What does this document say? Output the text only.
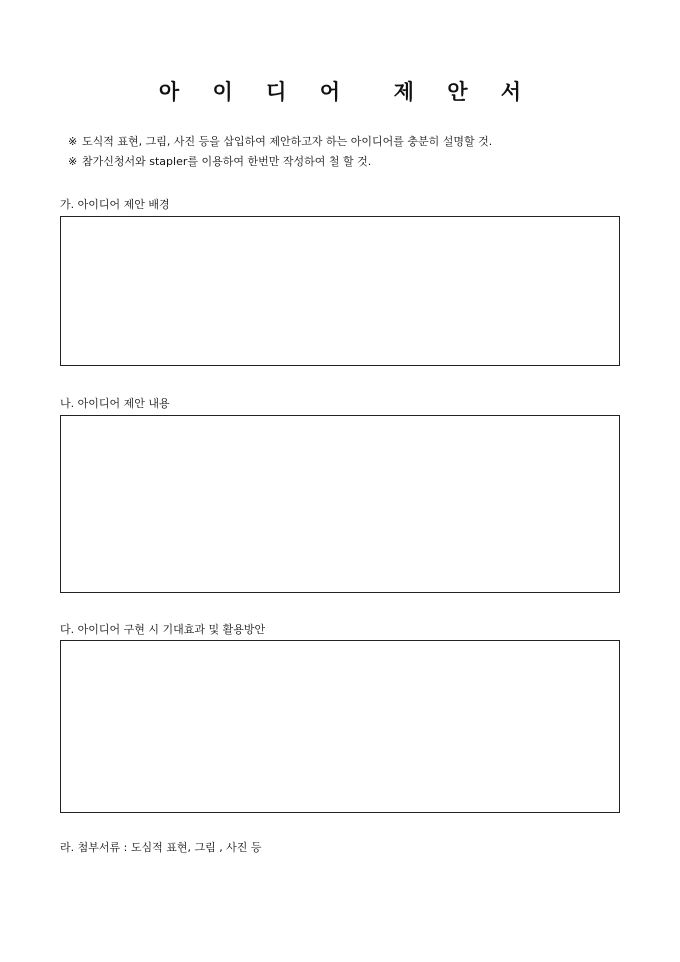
아 이 디 어  제 안 서
※ 도식적 표현, 그림, 사진 등을 삽입하여 제안하고자 하는 아이디어를 충분히 설명할 것.
※ 참가신청서와 stapler를 이용하여 한번만 작성하여 철 할 것.
가. 아이디어 제안 배경
나. 아이디어 제안 내용
다. 아이디어 구현 시 기대효과 및 활용방안
라. 첨부서류 : 도심적 표현, 그림 , 사진 등
